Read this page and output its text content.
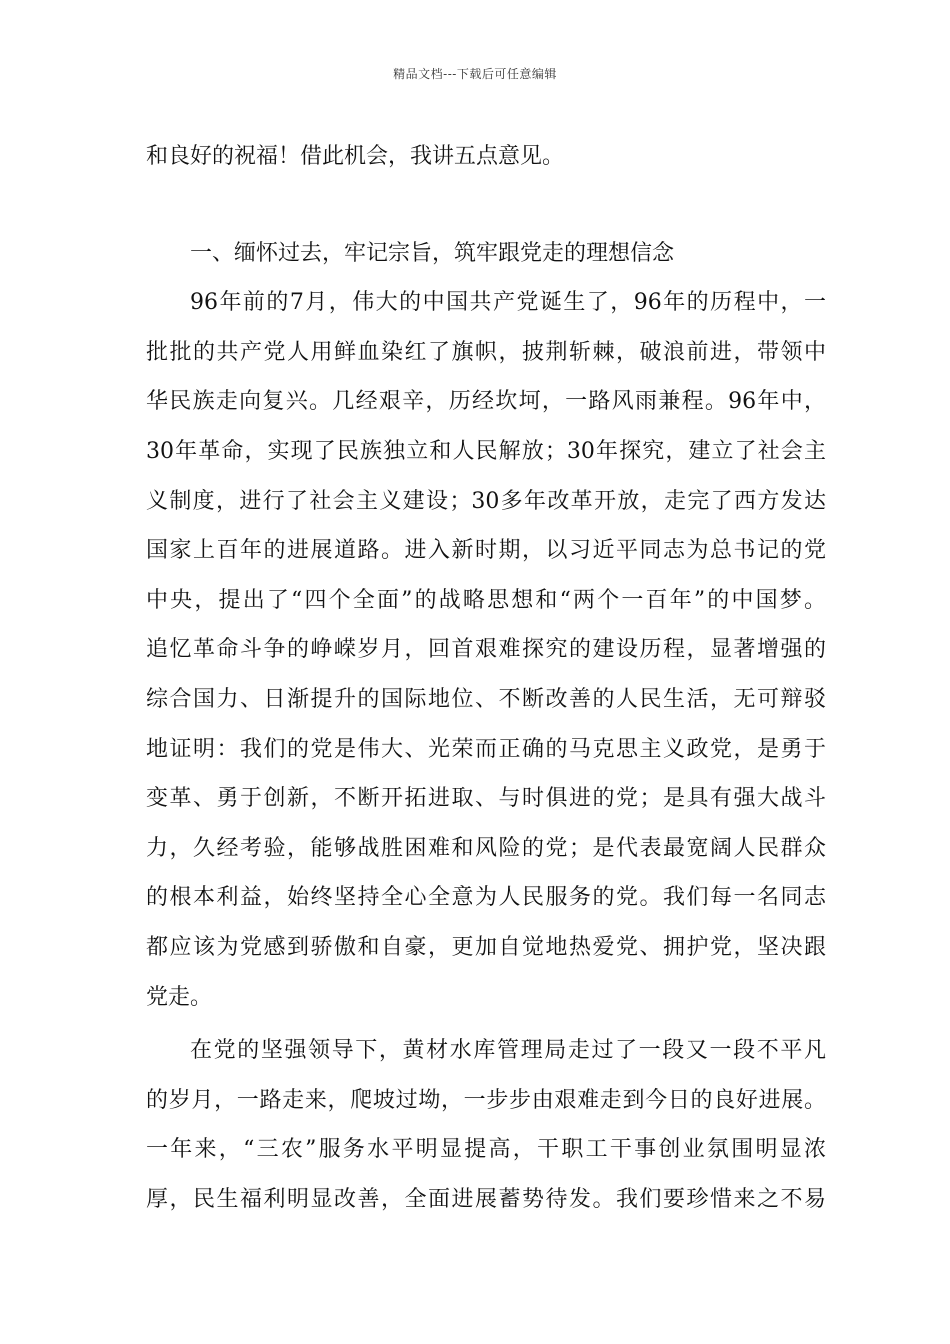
精品文档---下载后可任意编辑
和良好的祝福！借此机会，我讲五点意见。
一、缅怀过去，牢记宗旨，筑牢跟党走的理想信念
96年前的7月，伟大的中国共产党诞生了，96年的历程中，一
批批的共产党人用鲜血染红了旗帜，披荆斩棘，破浪前进，带领中
华民族走向复兴。几经艰辛，历经坎坷，一路风雨兼程。96年中，
30年革命，实现了民族独立和人民解放；30年探究，建立了社会主
义制度，进行了社会主义建设；30多年改革开放，走完了西方发达
国家上百年的进展道路。进入新时期，以习近平同志为总书记的党
中央，提出了“四个全面”的战略思想和“两个一百年”的中国梦。
追忆革命斗争的峥嵘岁月，回首艰难探究的建设历程，显著增强的
综合国力、日渐提升的国际地位、不断改善的人民生活，无可辩驳
地证明：我们的党是伟大、光荣而正确的马克思主义政党，是勇于
变革、勇于创新，不断开拓进取、与时俱进的党；是具有强大战斗
力，久经考验，能够战胜困难和风险的党；是代表最宽阔人民群众
的根本利益，始终坚持全心全意为人民服务的党。我们每一名同志
都应该为党感到骄傲和自豪，更加自觉地热爱党、拥护党，坚决跟
党走。
在党的坚强领导下，黄材水库管理局走过了一段又一段不平凡
的岁月，一路走来，爬坡过坳，一步步由艰难走到今日的良好进展。
一年来，“三农”服务水平明显提高，干职工干事创业氛围明显浓
厚，民生福利明显改善，全面进展蓄势待发。我们要珍惜来之不易
